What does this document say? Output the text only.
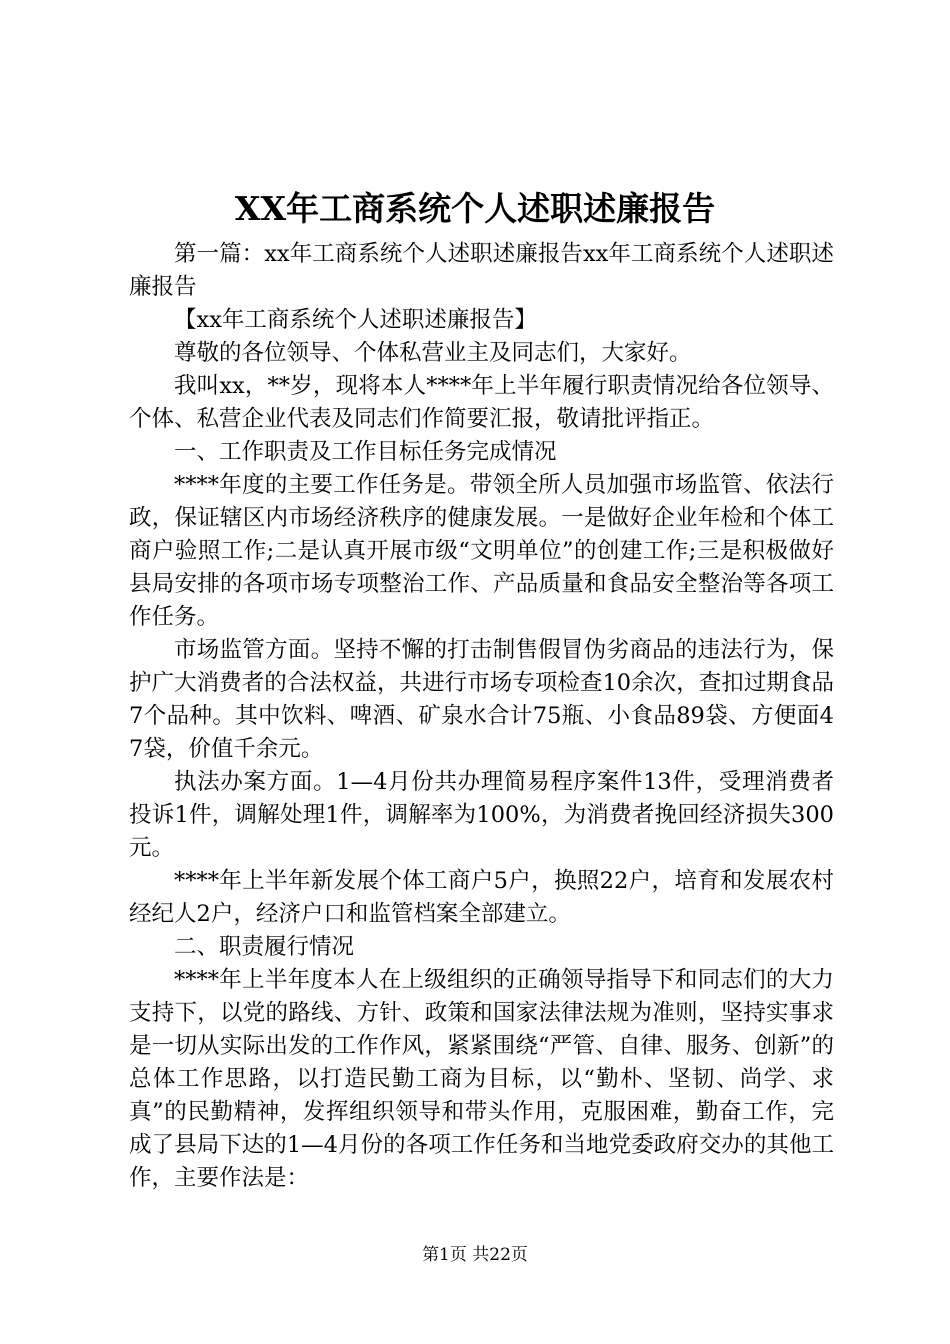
XX年工商系统个人述职述廉报告

第一篇：xx年工商系统个人述职述廉报告xx年工商系统个人述职述廉报告

【xx年工商系统个人述职述廉报告】

尊敬的各位领导、个体私营业主及同志们，大家好。

我叫xx，**岁，现将本人****年上半年履行职责情况给各位领导、个体、私营企业代表及同志们作简要汇报，敬请批评指正。

一、工作职责及工作目标任务完成情况

****年度的主要工作任务是。带领全所人员加强市场监管、依法行政，保证辖区内市场经济秩序的健康发展。一是做好企业年检和个体工商户验照工作;二是认真开展市级“文明单位”的创建工作;三是积极做好县局安排的各项市场专项整治工作、产品质量和食品安全整治等各项工作任务。

市场监管方面。坚持不懈的打击制售假冒伪劣商品的违法行为，保护广大消费者的合法权益，共进行市场专项检查10余次，查扣过期食品7个品种。其中饮料、啤酒、矿泉水合计75瓶、小食品89袋、方便面47袋，价值千余元。

执法办案方面。1—4月份共办理简易程序案件13件，受理消费者投诉1件，调解处理1件，调解率为100%，为消费者挽回经济损失300元。

****年上半年新发展个体工商户5户，换照22户，培育和发展农村经纪人2户，经济户口和监管档案全部建立。

二、职责履行情况

****年上半年度本人在上级组织的正确领导指导下和同志们的大力支持下，以党的路线、方针、政策和国家法律法规为准则，坚持实事求是一切从实际出发的工作作风，紧紧围绕“严管、自律、服务、创新”的总体工作思路，以打造民勤工商为目标，以“勤朴、坚韧、尚学、求真”的民勤精神，发挥组织领导和带头作用，克服困难，勤奋工作，完成了县局下达的1—4月份的各项工作任务和当地党委政府交办的其他工作，主要作法是：

第1页 共22页
